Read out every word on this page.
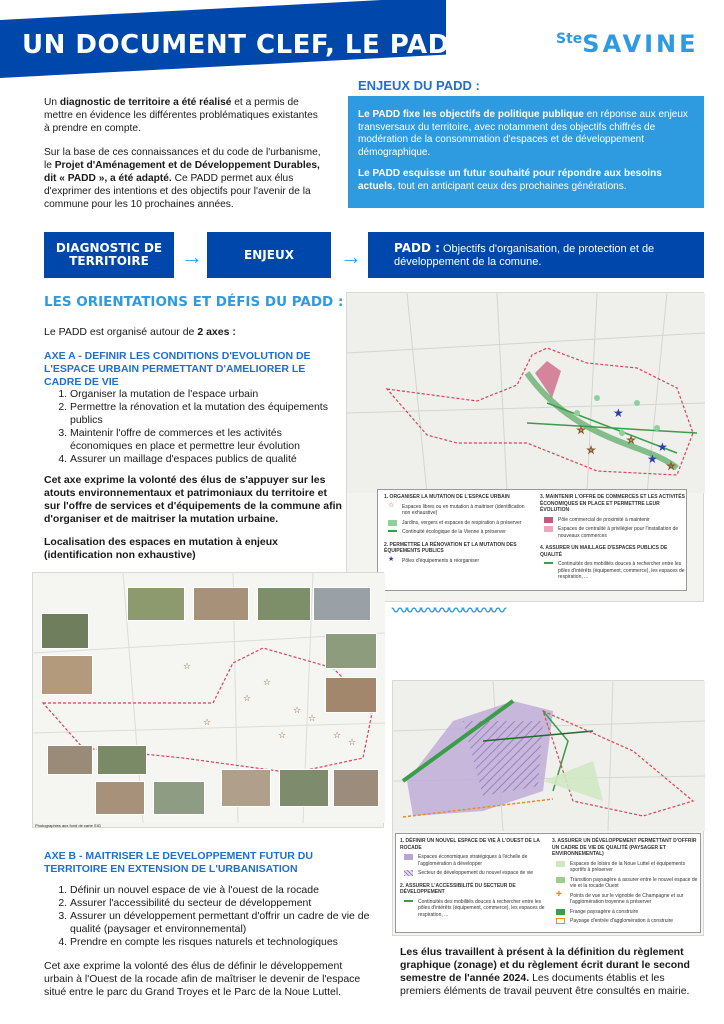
UN DOCUMENT CLEF, LE PADD	$^{Ste}$SAVINE
Un diagnostic de territoire a été réalisé et a permis de mettre en évidence les différentes problématiques existantes à prendre en compte.
Sur la base de ces connaissances et du code de l'urbanisme, le Projet d'Aménagement et de Développement Durables, dit « PADD », a été adapté. Ce PADD permet aux élus d'exprimer des intentions et des objectifs pour l'avenir de la commune pour les 10 prochaines années.
ENJEUX DU PADD :

Le PADD fixe les objectifs de politique publique en réponse aux enjeux transversaux du territoire, avec notamment des objectifs chiffrés de modération de la consommation d'espaces et de développement démographique.

Le PADD esquisse un futur souhaité pour répondre aux besoins actuels, tout en anticipant ceux des prochaines générations.

DIAGNOSTIC DE TERRITOIRE	→	ENJEUX	→	PADD : Objectifs d'organisation, de protection et de développement de la comune.
LES ORIENTATIONS ET DÉFIS DU PADD :
Le PADD est organisé autour de 2 axes :
AXE A - DEFINIR LES CONDITIONS D'EVOLUTION DE L'ESPACE URBAIN PERMETTANT D'AMELIORER LE CADRE DE VIE
1. Organiser la mutation de l'espace urbain
2. Permettre la rénovation et la mutation des équipements publics
3. Maintenir l'offre de commerces et les activités économiques en place et permettre leur évolution
4. Assurer un maillage d'espaces publics de qualité
Cet axe exprime la volonté des élus de s'appuyer sur les atouts environnementaux et patrimoniaux du territoire et sur l'offre de services et d'équipements de la commune afin d'organiser et de maitriser la mutation urbaine.
Localisation des espaces en mutation à enjeux (identification non exhaustive)
★
★
★
☆
☆
☆
☆
1. ORGANISER LA MUTATION DE L'ESPACE URBAIN
☆	Espaces libres ou en mutation à maitriser (identification non exhaustive)
Jardins, vergers et espaces de respiration à préserver
Continuité écologique de la Vienne à préserver
2. PERMETTRE LA RÉNOVATION ET LA MUTATION DES ÉQUIPEMENTS PUBLICS
★	Pôles d'équipements à réorganiser
3. MAINTENIR L'OFFRE DE COMMERCES ET LES ACTIVITÉS ÉCONOMIQUES EN PLACE ET PERMETTRE LEUR ÉVOLUTION
Pôle commercial de proximité à maintenir
Espaces de centralité à privilégier pour l'installation de nouveaux commerces
4. ASSURER UN MAILLAGE D'ESPACES PUBLICS DE QUALITÉ
Continuités des mobilités douces à rechercher entre les pôles d'intérêts (équipement, commerce), les espaces de respiration, ...
〰〰〰〰〰〰〰〰
☆
☆
☆
☆
☆
☆
☆
☆
☆
Photographies aux fond de carte SIG
1. DÉFINIR UN NOUVEL ESPACE DE VIE À L'OUEST DE LA ROCADE
Espaces économiques stratégiques à l'échelle de l'agglomération à développer
Secteur de développement du nouvel espace de vie
2. ASSURER L'ACCESSIBILITÉ DU SECTEUR DE DÉVELOPPEMENT
Continuités des mobilités douces à rechercher entre les pôles d'intérêts (équipement, commerce), les espaces de respiration, ...
3. ASSURER UN DÉVELOPPEMENT PERMETTANT D'OFFRIR UN CADRE DE VIE DE QUALITÉ (PAYSAGER ET ENVIRONNEMENTAL)
Espaces de loisirs de la Noue Luttel et équipements sportifs à préserver
Transition paysagère à assurer entre le nouvel espace de vie et la rocade Ouest
✚	Points de vue sur le vignoble de Champagne et sur l'agglomération troyenne à préserver
Frange paysagère à construire
Paysage d'entrée d'agglomération à construire
AXE B - MAITRISER LE DEVELOPPEMENT FUTUR DU TERRITOIRE EN EXTENSION DE L'URBANISATION
1. Définir un nouvel espace de vie à l'ouest de la rocade
2. Assurer l'accessibilité du secteur de développement
3. Assurer un développement permettant d'offrir un cadre de vie de qualité (paysager et environnemental)
4. Prendre en compte les risques naturels et technologiques
Cet axe exprime la volonté des élus de définir le développement urbain à l'Ouest de la rocade afin de maîtriser le devenir de l'espace situé entre le parc du Grand Troyes et le Parc de la Noue Luttel.
Les élus travaillent à présent à la définition du règlement graphique (zonage) et du règlement écrit durant le second semestre de l'année 2024. Les documents établis et les premiers éléments de travail peuvent être consultés en mairie.
